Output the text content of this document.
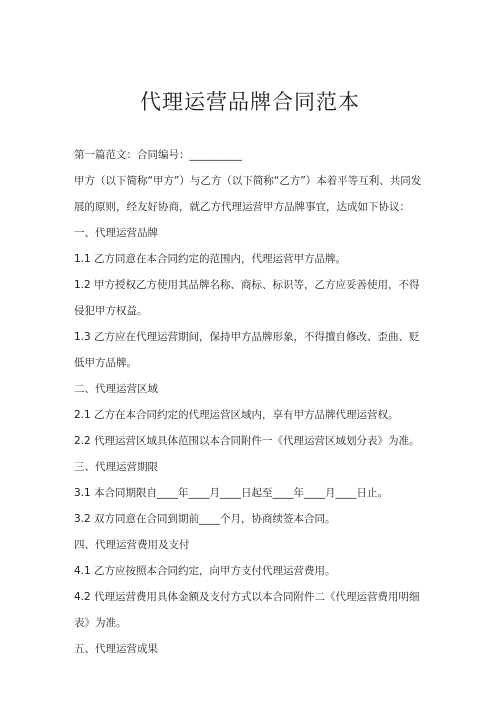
代理运营品牌合同范本

第一篇范文：合同编号：__________

甲方（以下简称“甲方”）与乙方（以下简称“乙方”）本着平等互利、共同发展的原则，经友好协商，就乙方代理运营甲方品牌事宜，达成如下协议：

一、代理运营品牌

1.1 乙方同意在本合同约定的范围内，代理运营甲方品牌。

1.2 甲方授权乙方使用其品牌名称、商标、标识等，乙方应妥善使用，不得侵犯甲方权益。

1.3 乙方应在代理运营期间，保持甲方品牌形象，不得擅自修改、歪曲、贬低甲方品牌。

二、代理运营区域

2.1 乙方在本合同约定的代理运营区域内，享有甲方品牌代理运营权。

2.2 代理运营区域具体范围以本合同附件一《代理运营区域划分表》为准。

三、代理运营期限

3.1 本合同期限自____年____月____日起至____年____月____日止。

3.2 双方同意在合同到期前____个月，协商续签本合同。

四、代理运营费用及支付

4.1 乙方应按照本合同约定，向甲方支付代理运营费用。

4.2 代理运营费用具体金额及支付方式以本合同附件二《代理运营费用明细表》为准。

五、代理运营成果
